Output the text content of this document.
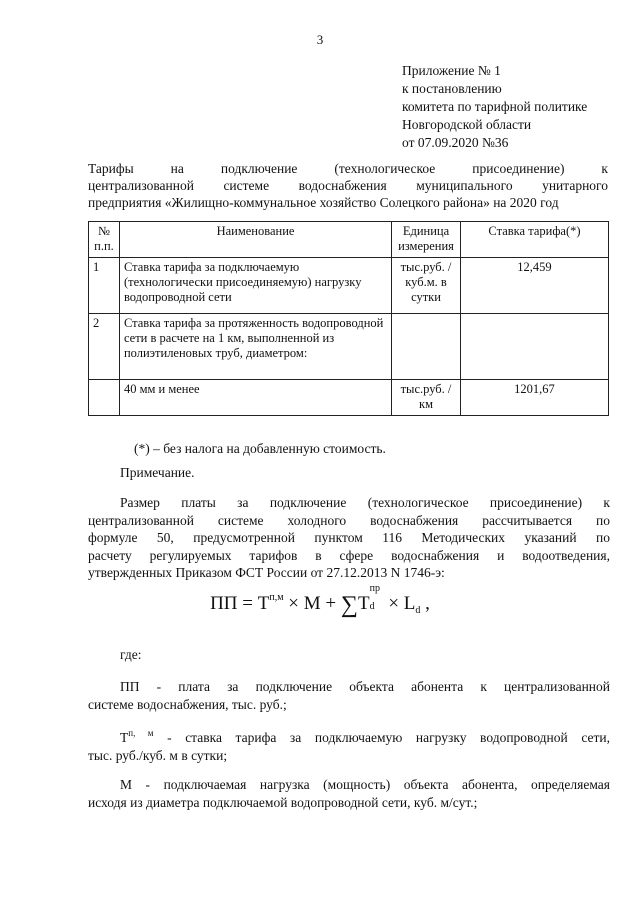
3
Приложение № 1
к постановлению
комитета по тарифной политике
Новгородской области
от 07.09.2020 №36
Тарифы на подключение (технологическое присоединение) к
централизованной системе водоснабжения муниципального унитарного
предприятия «Жилищно-коммунальное хозяйство Солецкого района» на 2020 год
№ п.п.	Наименование	Единица измерения	Ставка тарифа(*)
1	Ставка тарифа за подключаемую (технологически присоединяемую) нагрузку водопроводной сети	тыс.руб. /куб.м. в сутки	12,459
2	Ставка тарифа за протяженность водопроводной сети в расчете на 1 км, выполненной из полиэтиленовых труб, диаметром:		
	40 мм и менее	тыс.руб. /км	1201,67
(*) – без налога на добавленную стоимость.
Примечание.
Размер платы за подключение (технологическое присоединение) к
централизованной системе холодного водоснабжения рассчитывается по
формуле 50, предусмотренной пунктом 116 Методических указаний по
расчету регулируемых тарифов в сфере водоснабжения и водоотведения,
утвержденных Приказом ФСТ России от 27.12.2013 N 1746-э:
ПП = $T^{п,м} \times M + \sum T$
пр
$d \times L_d$ ,
где:
ПП - плата за подключение объекта абонента к централизованной
системе водоснабжения, тыс. руб.;
$Т^{п, м}$ - ставка тарифа за подключаемую нагрузку водопроводной сети,
тыс. руб./куб. м в сутки;
М - подключаемая нагрузка (мощность) объекта абонента, определяемая
исходя из диаметра подключаемой водопроводной сети, куб. м/сут.;
